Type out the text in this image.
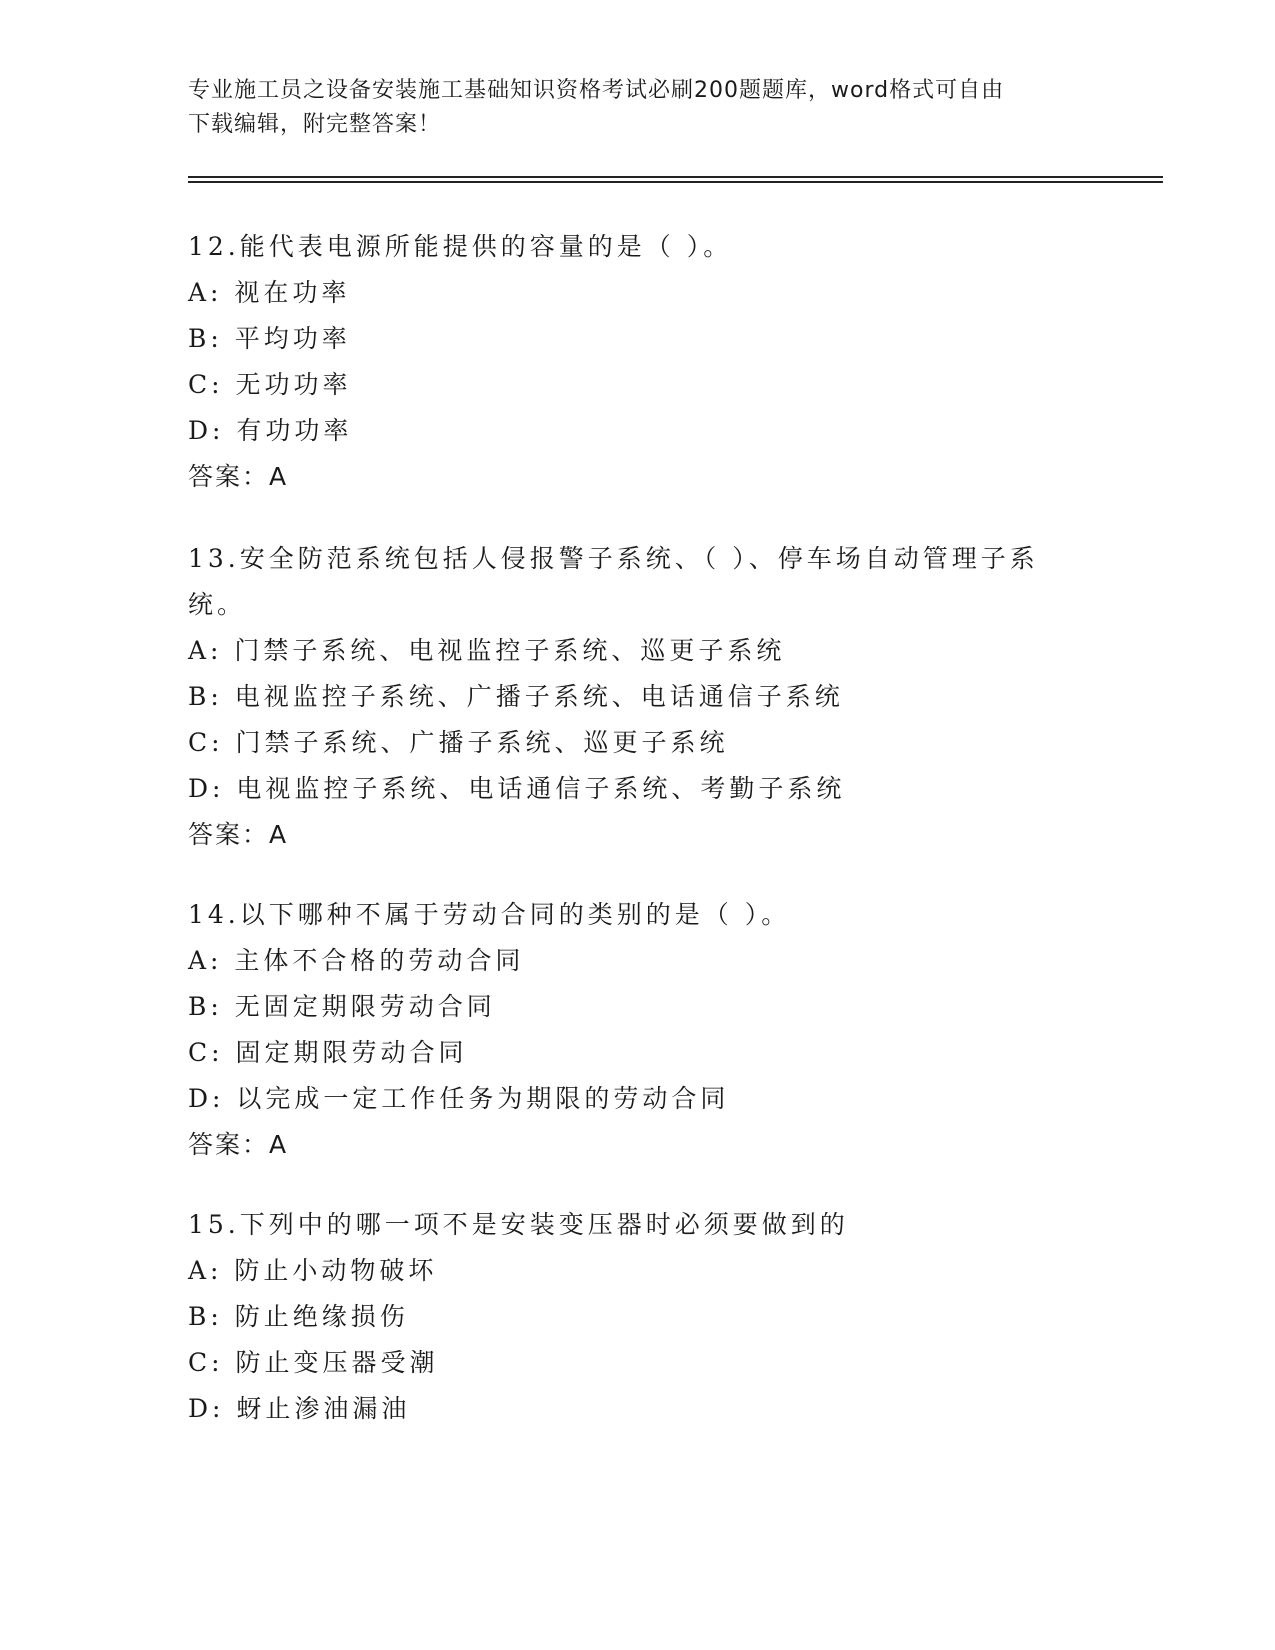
专业施工员之设备安装施工基础知识资格考试必刷200题题库，word格式可自由
下载编辑，附完整答案！
12.能代表电源所能提供的容量的是（ ）。
A: 视在功率
B: 平均功率
C: 无功功率
D: 有功功率
答案：A
13.安全防范系统包括人侵报警子系统、（ ）、停车场自动管理子系
统。
A: 门禁子系统、电视监控子系统、巡更子系统
B: 电视监控子系统、广播子系统、电话通信子系统
C: 门禁子系统、广播子系统、巡更子系统
D: 电视监控子系统、电话通信子系统、考勤子系统
答案：A
14.以下哪种不属于劳动合同的类别的是（ ）。
A: 主体不合格的劳动合同
B: 无固定期限劳动合同
C: 固定期限劳动合同
D: 以完成一定工作任务为期限的劳动合同
答案：A
15.下列中的哪一项不是安装变压器时必须要做到的
A: 防止小动物破坏
B: 防止绝缘损伤
C: 防止变压器受潮
D: 蚜止渗油漏油
